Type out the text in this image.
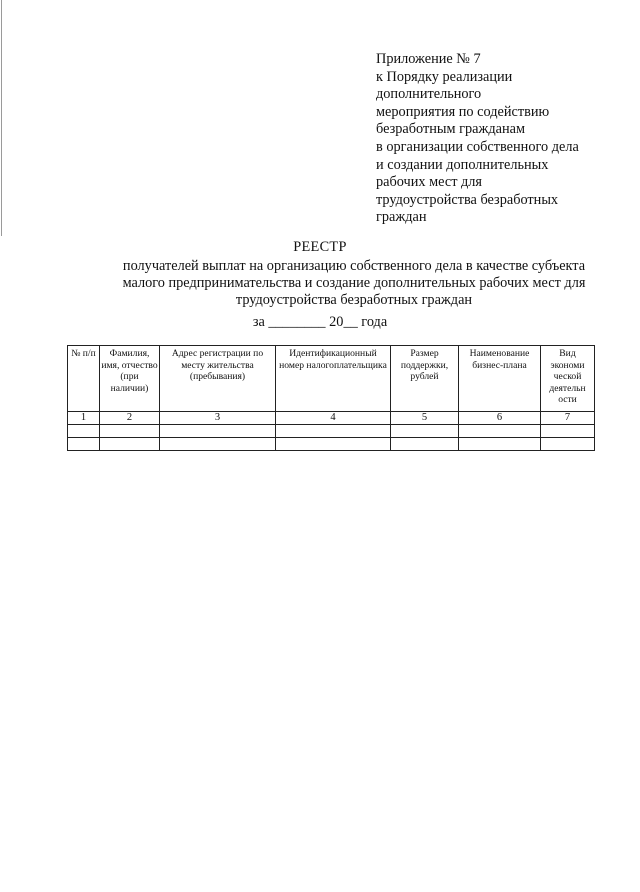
Приложение № 7
к Порядку реализации
дополнительного
мероприятия по содействию
безработным гражданам
в организации собственного дела
и создании дополнительных
рабочих мест для
трудоустройства безработных
граждан
РЕЕСТР
получателей выплат на организацию собственного дела в качестве субъекта
малого предпринимательства и создание дополнительных рабочих мест для
трудоустройства безработных граждан
за ________ 20__ года
№ п/п	Фамилия, имя, отчество (при наличии)	Адрес регистрации по месту жительства (пребывания)	Идентификационный номер налогоплательщика	Размер поддержки, рублей	Наименование бизнес-плана	Вид экономи ческой деятельн ости
1	2	3	4	5	6	7
